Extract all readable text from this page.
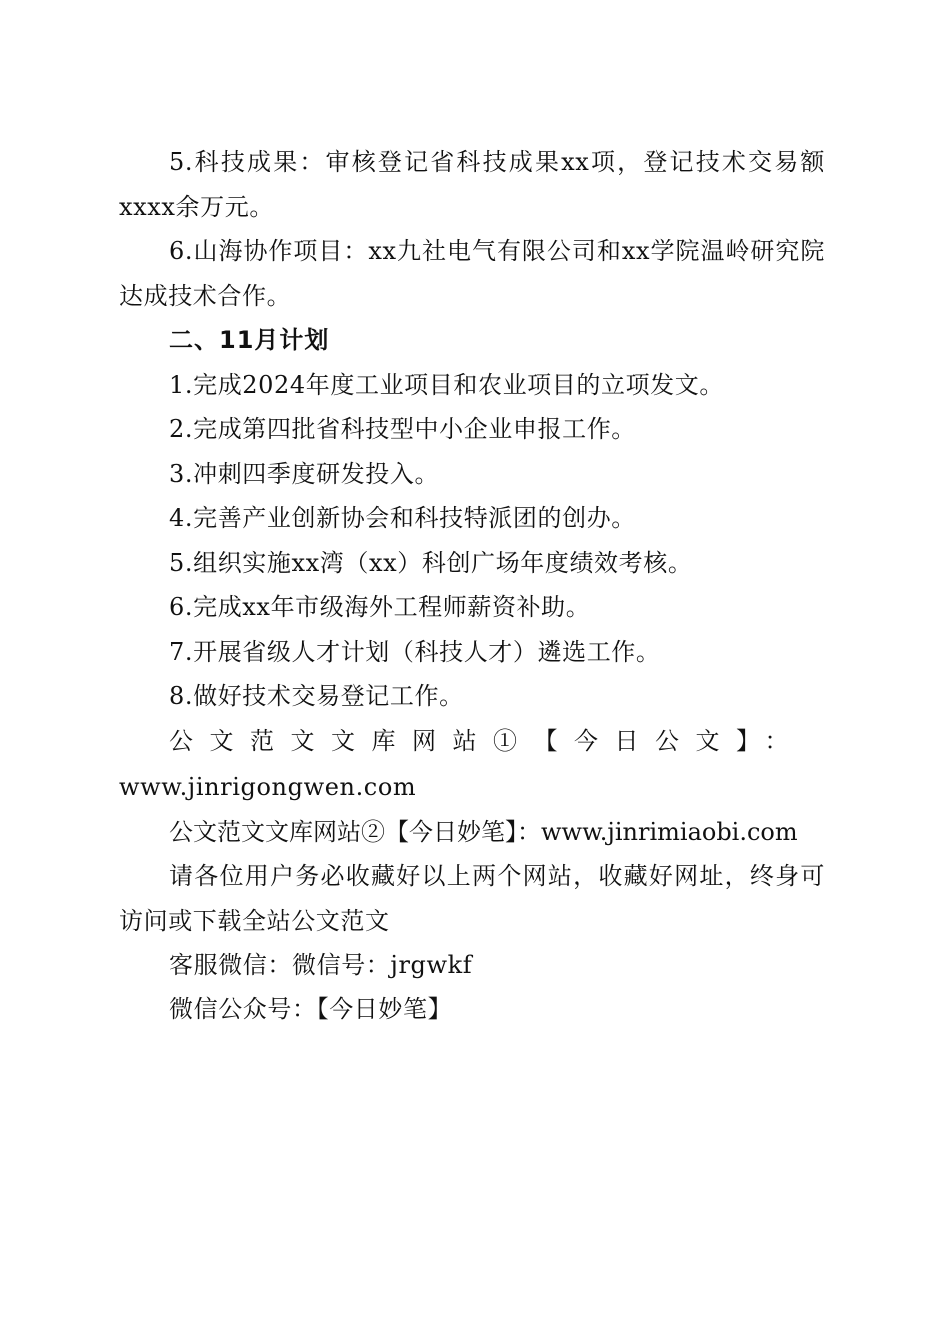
5.科技成果：审核登记省科技成果xx项，登记技术交易额xxxx余万元。

6.山海协作项目：xx九社电气有限公司和xx学院温岭研究院达成技术合作。

二、11月计划

1.完成2024年度工业项目和农业项目的立项发文。

2.完成第四批省科技型中小企业申报工作。

3.冲刺四季度研发投入。

4.完善产业创新协会和科技特派团的创办。

5.组织实施xx湾（xx）科创广场年度绩效考核。

6.完成xx年市级海外工程师薪资补助。

7.开展省级人才计划（科技人才）遴选工作。

8.做好技术交易登记工作。

公文范文文库网站①【今日公文】：

www.jinrigongwen.com

公文范文文库网站②【今日妙笔】：www.jinrimiaobi.com

请各位用户务必收藏好以上两个网站，收藏好网址，终身可访问或下载全站公文范文

客服微信：微信号：jrgwkf

微信公众号：【今日妙笔】
